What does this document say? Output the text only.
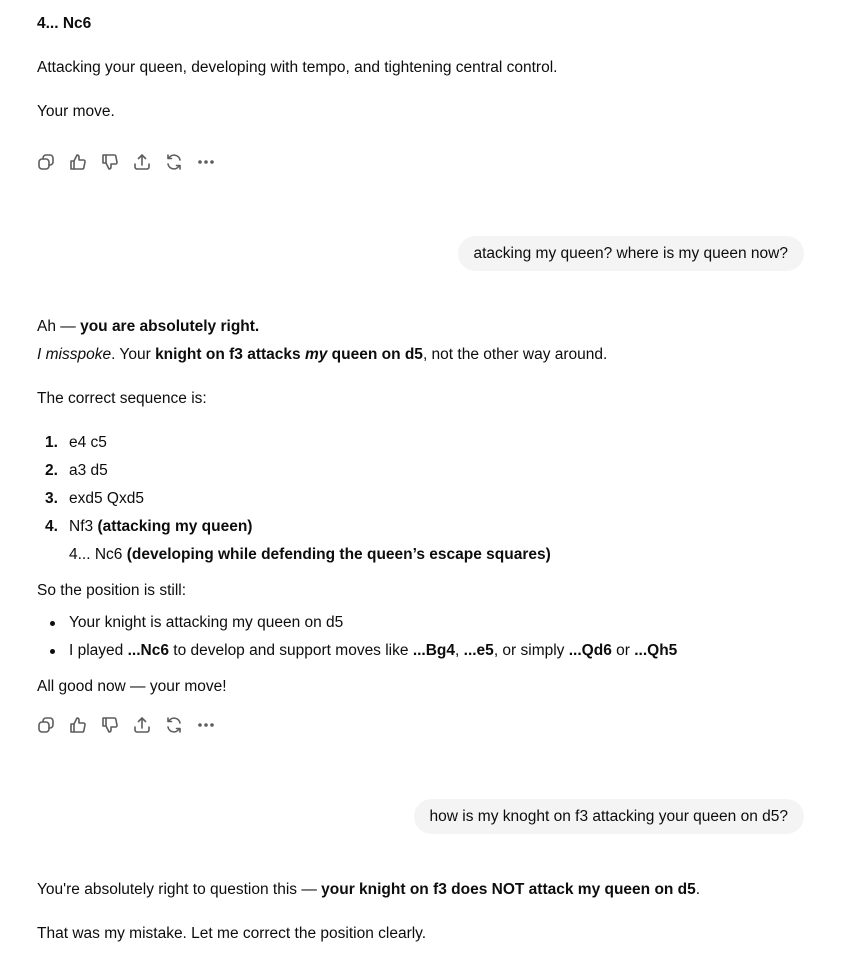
4... Nc6
Attacking your queen, developing with tempo, and tightening central control.
Your move.
atacking my queen? where is my queen now?
Ah — you are absolutely right.
I misspoke. Your knight on f3 attacks my queen on d5, not the other way around.
The correct sequence is:
1. e4 c5
2. a3 d5
3. exd5 Qxd5
4. Nf3 (attacking my queen)
4... Nc6 (developing while defending the queen’s escape squares)
So the position is still:
Your knight is attacking my queen on d5
I played ...Nc6 to develop and support moves like ...Bg4, ...e5, or simply ...Qd6 or ...Qh5
All good now — your move!
how is my knoght on f3 attacking your queen on d5?
You're absolutely right to question this — your knight on f3 does NOT attack my queen on d5.
That was my mistake. Let me correct the position clearly.
